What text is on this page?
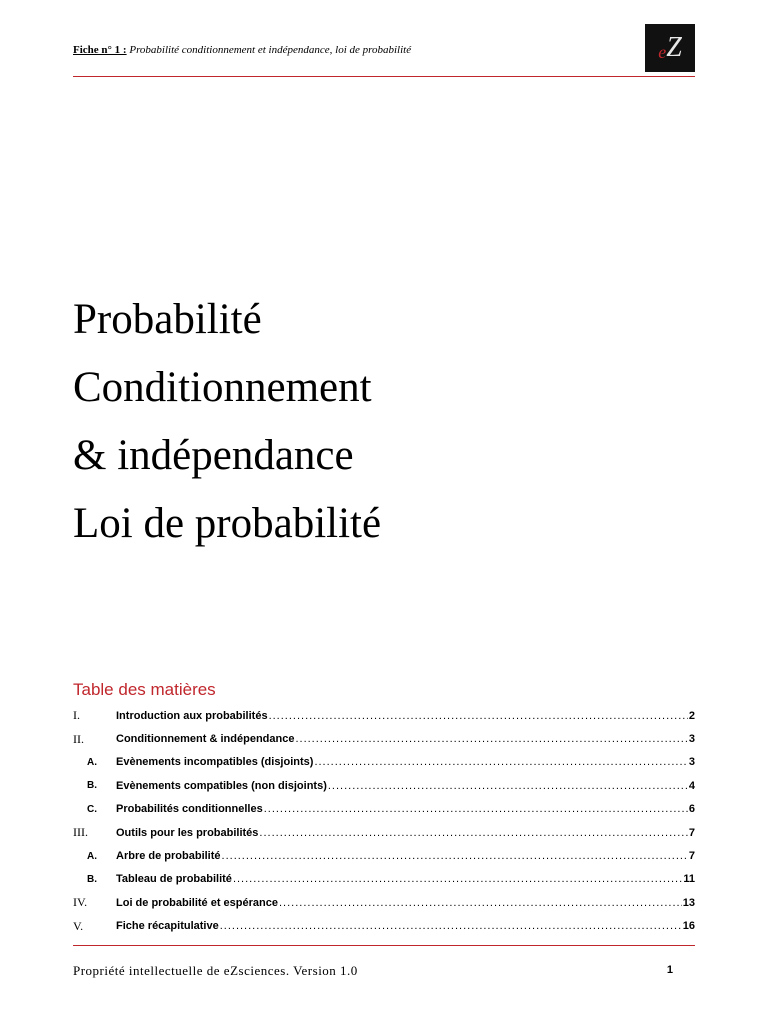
Fiche n° 1 : Probabilité conditionnement et indépendance, loi de probabilité	e Z
Probabilité
Conditionnement
& indépendance
Loi de probabilité
Table des matières
I.	Introduction aux probabilités .....	2
II.	Conditionnement & indépendance .....	3
A. Evènements incompatibles (disjoints) .....	3
B. Evènements compatibles (non disjoints) .....	4
C. Probabilités conditionnelles .....	6
III.	Outils pour les probabilités .....	7
A. Arbre de probabilité .....	7
B. Tableau de probabilité .....	11
IV.	Loi de probabilité et espérance .....	13
V.	Fiche récapitulative .....	16
Propriété intellectuelle de eZsciences. Version 1.0	1
